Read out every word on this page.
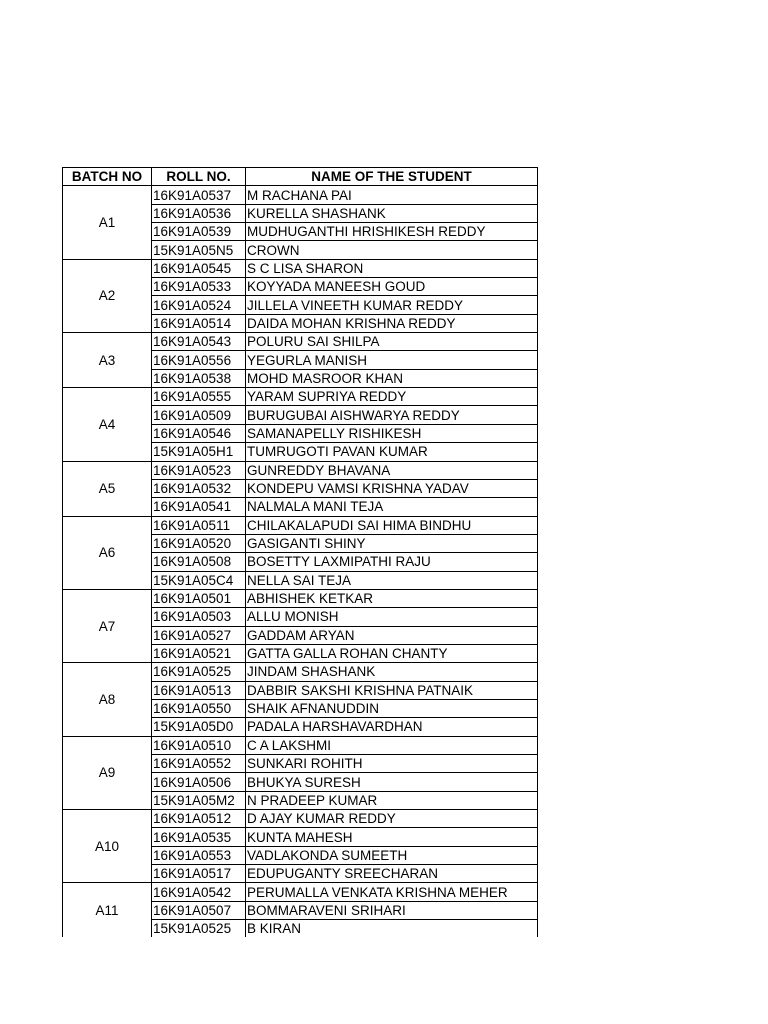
BATCH NO	ROLL NO.	NAME OF THE STUDENT
A1	16K91A0537	M RACHANA PAI
	16K91A0536	KURELLA SHASHANK
	16K91A0539	MUDHUGANTHI HRISHIKESH REDDY
	15K91A05N5	CROWN
A2	16K91A0545	S C LISA SHARON
	16K91A0533	KOYYADA MANEESH GOUD
	16K91A0524	JILLELA VINEETH KUMAR REDDY
	16K91A0514	DAIDA MOHAN KRISHNA REDDY
A3	16K91A0543	POLURU SAI SHILPA
	16K91A0556	YEGURLA MANISH
	16K91A0538	MOHD MASROOR KHAN
A4	16K91A0555	YARAM SUPRIYA REDDY
	16K91A0509	BURUGUBAI AISHWARYA REDDY
	16K91A0546	SAMANAPELLY RISHIKESH
	15K91A05H1	TUMRUGOTI PAVAN KUMAR
A5	16K91A0523	GUNREDDY BHAVANA
	16K91A0532	KONDEPU VAMSI KRISHNA YADAV
	16K91A0541	NALMALA MANI TEJA
A6	16K91A0511	CHILAKALAPUDI SAI HIMA BINDHU
	16K91A0520	GASIGANTI SHINY
	16K91A0508	BOSETTY LAXMIPATHI RAJU
	15K91A05C4	NELLA SAI TEJA
A7	16K91A0501	ABHISHEK KETKAR
	16K91A0503	ALLU MONISH
	16K91A0527	GADDAM ARYAN
	16K91A0521	GATTA GALLA ROHAN CHANTY
A8	16K91A0525	JINDAM SHASHANK
	16K91A0513	DABBIR SAKSHI KRISHNA PATNAIK
	16K91A0550	SHAIK AFNANUDDIN
	15K91A05D0	PADALA HARSHAVARDHAN
A9	16K91A0510	C A LAKSHMI
	16K91A0552	SUNKARI ROHITH
	16K91A0506	BHUKYA SURESH
	15K91A05M2	N PRADEEP KUMAR
A10	16K91A0512	D AJAY KUMAR REDDY
	16K91A0535	KUNTA MAHESH
	16K91A0553	VADLAKONDA SUMEETH
	16K91A0517	EDUPUGANTY SREECHARAN
A11	16K91A0542	PERUMALLA VENKATA KRISHNA MEHER
	16K91A0507	BOMMARAVENI SRIHARI
	15K91A0525	B KIRAN
